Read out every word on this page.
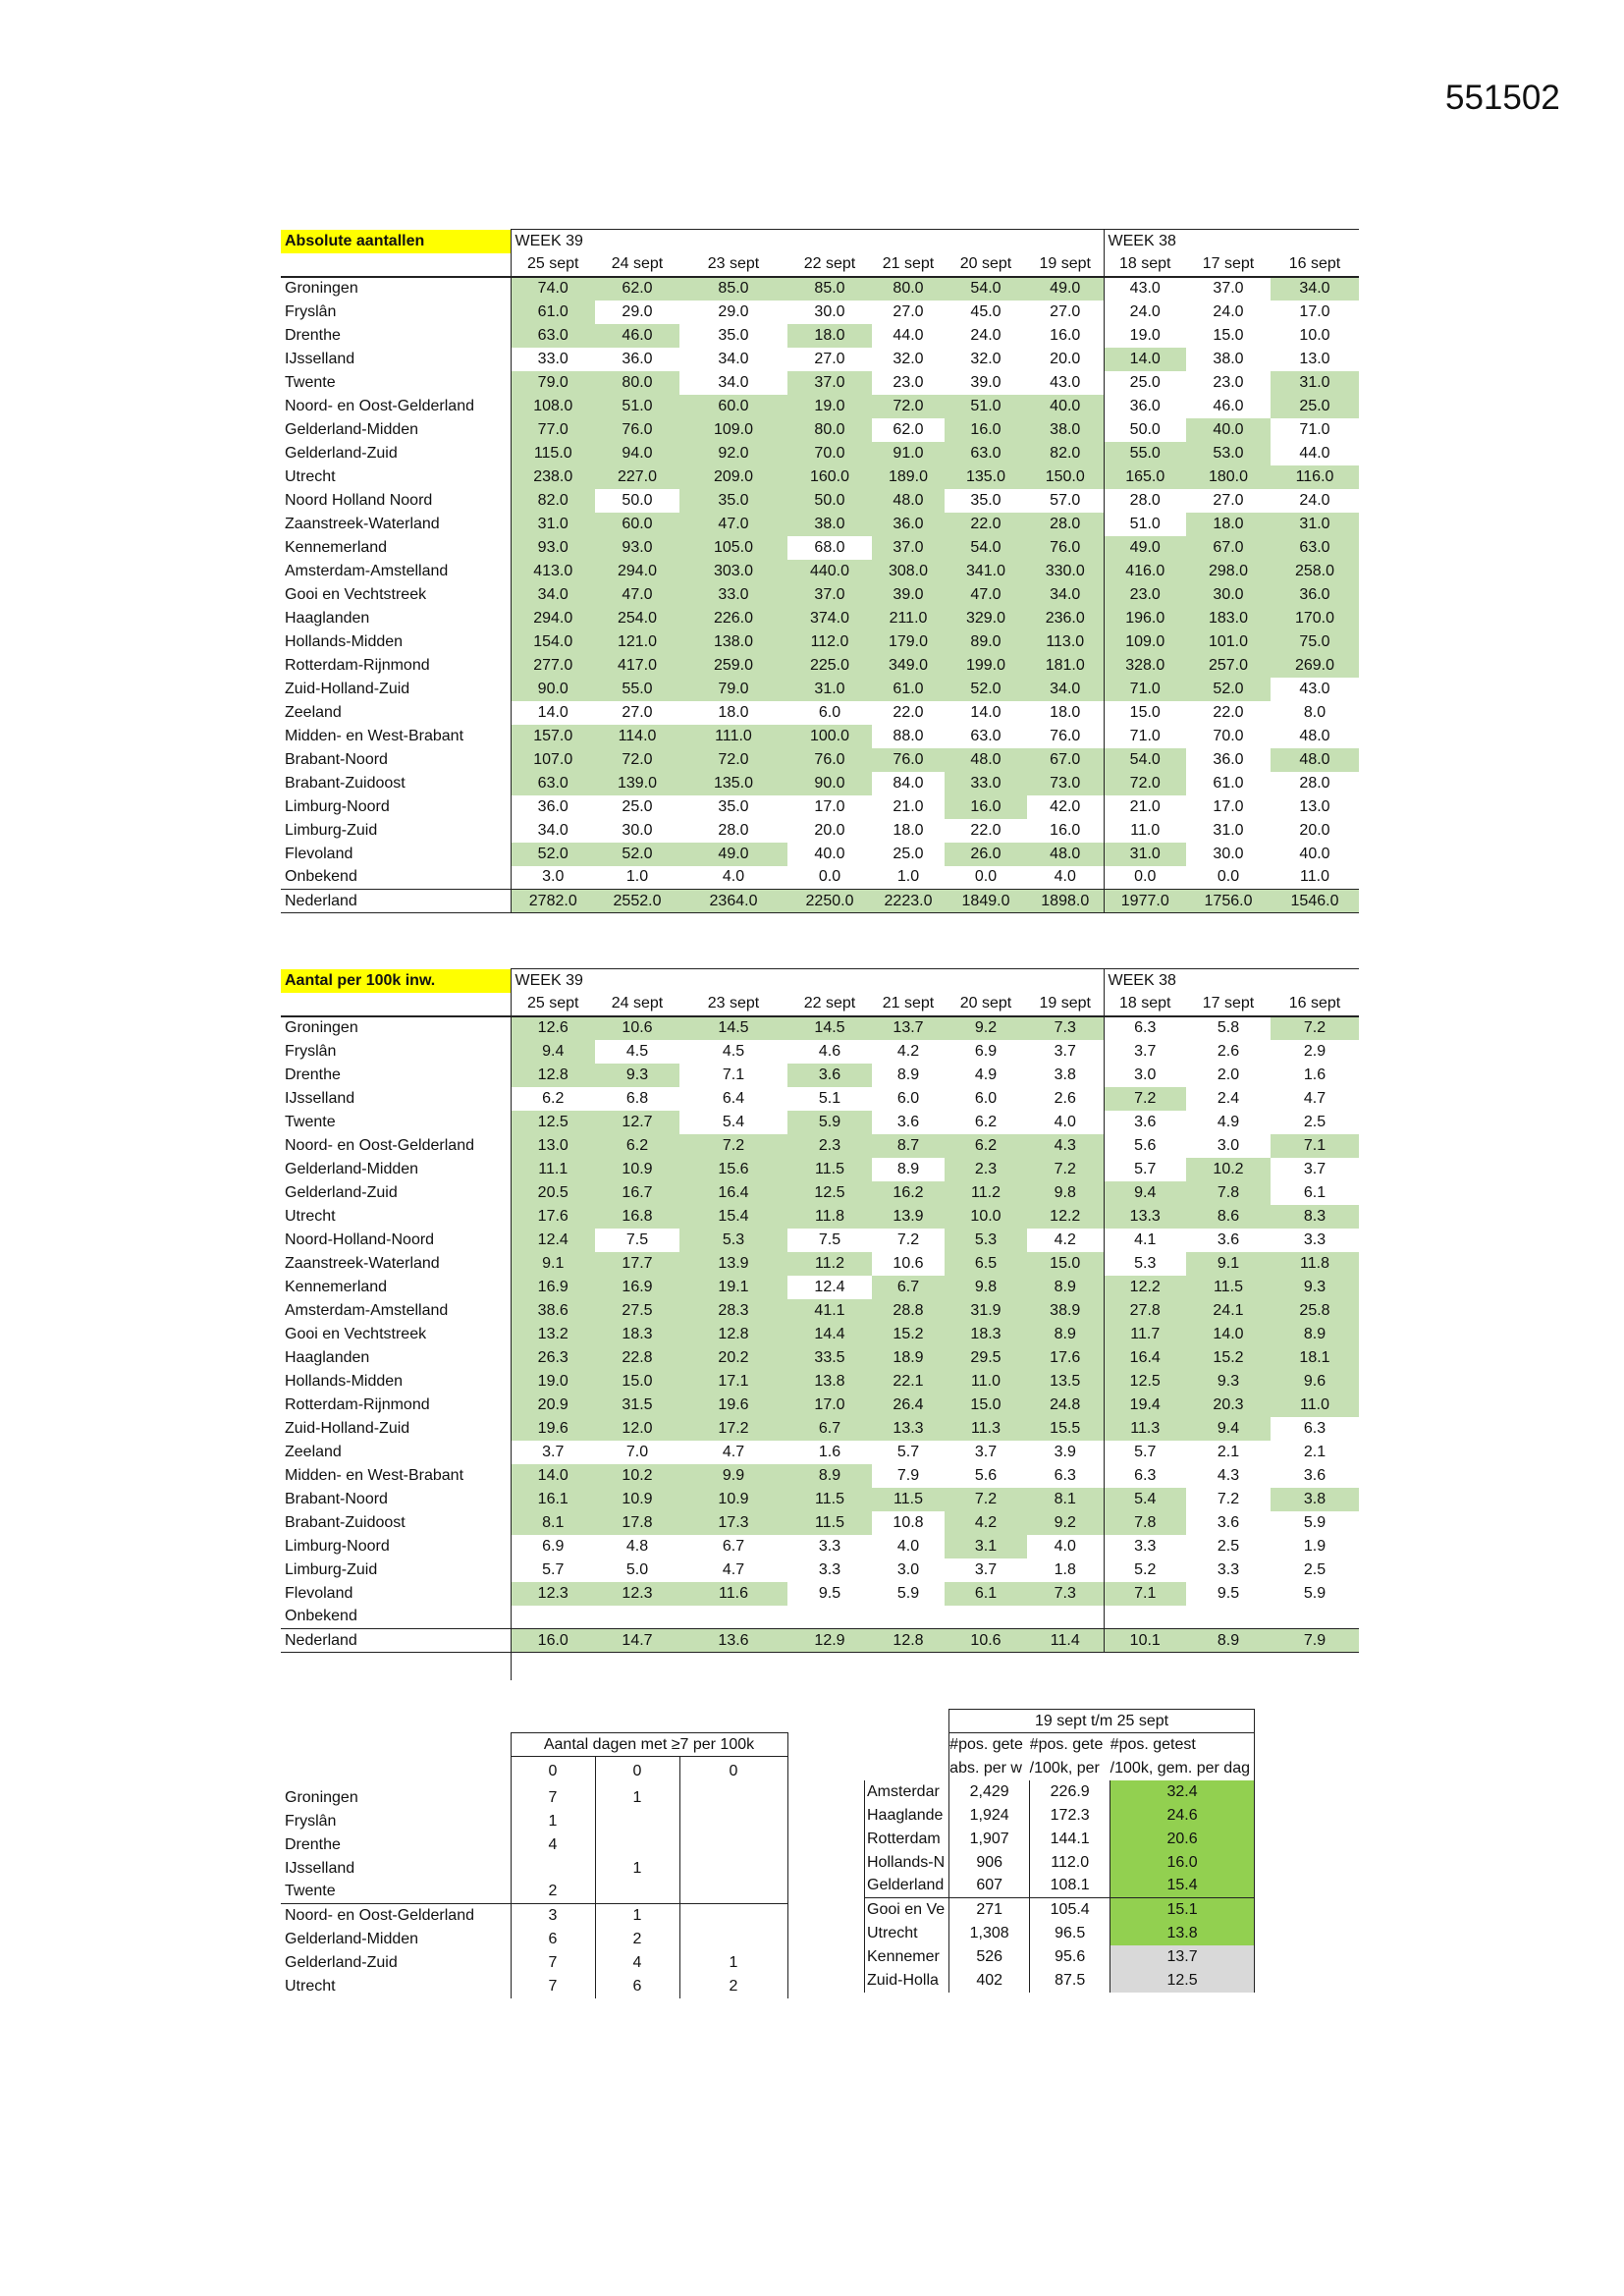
551502
Absolute aantallen	WEEK 39							WEEK 38		
	25 sept	24 sept	23 sept	22 sept	21 sept	20 sept	19 sept	18 sept	17 sept	16 sept
Groningen	74.0	62.0	85.0	85.0	80.0	54.0	49.0	43.0	37.0	34.0
Fryslân	61.0	29.0	29.0	30.0	27.0	45.0	27.0	24.0	24.0	17.0
Drenthe	63.0	46.0	35.0	18.0	44.0	24.0	16.0	19.0	15.0	10.0
IJsselland	33.0	36.0	34.0	27.0	32.0	32.0	20.0	14.0	38.0	13.0
Twente	79.0	80.0	34.0	37.0	23.0	39.0	43.0	25.0	23.0	31.0
Noord- en Oost-Gelderland	108.0	51.0	60.0	19.0	72.0	51.0	40.0	36.0	46.0	25.0
Gelderland-Midden	77.0	76.0	109.0	80.0	62.0	16.0	38.0	50.0	40.0	71.0
Gelderland-Zuid	115.0	94.0	92.0	70.0	91.0	63.0	82.0	55.0	53.0	44.0
Utrecht	238.0	227.0	209.0	160.0	189.0	135.0	150.0	165.0	180.0	116.0
Noord Holland Noord	82.0	50.0	35.0	50.0	48.0	35.0	57.0	28.0	27.0	24.0
Zaanstreek-Waterland	31.0	60.0	47.0	38.0	36.0	22.0	28.0	51.0	18.0	31.0
Kennemerland	93.0	93.0	105.0	68.0	37.0	54.0	76.0	49.0	67.0	63.0
Amsterdam-Amstelland	413.0	294.0	303.0	440.0	308.0	341.0	330.0	416.0	298.0	258.0
Gooi en Vechtstreek	34.0	47.0	33.0	37.0	39.0	47.0	34.0	23.0	30.0	36.0
Haaglanden	294.0	254.0	226.0	374.0	211.0	329.0	236.0	196.0	183.0	170.0
Hollands-Midden	154.0	121.0	138.0	112.0	179.0	89.0	113.0	109.0	101.0	75.0
Rotterdam-Rijnmond	277.0	417.0	259.0	225.0	349.0	199.0	181.0	328.0	257.0	269.0
Zuid-Holland-Zuid	90.0	55.0	79.0	31.0	61.0	52.0	34.0	71.0	52.0	43.0
Zeeland	14.0	27.0	18.0	6.0	22.0	14.0	18.0	15.0	22.0	8.0
Midden- en West-Brabant	157.0	114.0	111.0	100.0	88.0	63.0	76.0	71.0	70.0	48.0
Brabant-Noord	107.0	72.0	72.0	76.0	76.0	48.0	67.0	54.0	36.0	48.0
Brabant-Zuidoost	63.0	139.0	135.0	90.0	84.0	33.0	73.0	72.0	61.0	28.0
Limburg-Noord	36.0	25.0	35.0	17.0	21.0	16.0	42.0	21.0	17.0	13.0
Limburg-Zuid	34.0	30.0	28.0	20.0	18.0	22.0	16.0	11.0	31.0	20.0
Flevoland	52.0	52.0	49.0	40.0	25.0	26.0	48.0	31.0	30.0	40.0
Onbekend	3.0	1.0	4.0	0.0	1.0	0.0	4.0	0.0	0.0	11.0
Nederland	2782.0	2552.0	2364.0	2250.0	2223.0	1849.0	1898.0	1977.0	1756.0	1546.0
Aantal per 100k inw.	WEEK 39							WEEK 38		
	25 sept	24 sept	23 sept	22 sept	21 sept	20 sept	19 sept	18 sept	17 sept	16 sept
Groningen	12.6	10.6	14.5	14.5	13.7	9.2	7.3	6.3	5.8	7.2
Fryslân	9.4	4.5	4.5	4.6	4.2	6.9	3.7	3.7	2.6	2.9
Drenthe	12.8	9.3	7.1	3.6	8.9	4.9	3.8	3.0	2.0	1.6
IJsselland	6.2	6.8	6.4	5.1	6.0	6.0	2.6	7.2	2.4	4.7
Twente	12.5	12.7	5.4	5.9	3.6	6.2	4.0	3.6	4.9	2.5
Noord- en Oost-Gelderland	13.0	6.2	7.2	2.3	8.7	6.2	4.3	5.6	3.0	7.1
Gelderland-Midden	11.1	10.9	15.6	11.5	8.9	2.3	7.2	5.7	10.2	3.7
Gelderland-Zuid	20.5	16.7	16.4	12.5	16.2	11.2	9.8	9.4	7.8	6.1
Utrecht	17.6	16.8	15.4	11.8	13.9	10.0	12.2	13.3	8.6	8.3
Noord-Holland-Noord	12.4	7.5	5.3	7.5	7.2	5.3	4.2	4.1	3.6	3.3
Zaanstreek-Waterland	9.1	17.7	13.9	11.2	10.6	6.5	15.0	5.3	9.1	11.8
Kennemerland	16.9	16.9	19.1	12.4	6.7	9.8	8.9	12.2	11.5	9.3
Amsterdam-Amstelland	38.6	27.5	28.3	41.1	28.8	31.9	38.9	27.8	24.1	25.8
Gooi en Vechtstreek	13.2	18.3	12.8	14.4	15.2	18.3	8.9	11.7	14.0	8.9
Haaglanden	26.3	22.8	20.2	33.5	18.9	29.5	17.6	16.4	15.2	18.1
Hollands-Midden	19.0	15.0	17.1	13.8	22.1	11.0	13.5	12.5	9.3	9.6
Rotterdam-Rijnmond	20.9	31.5	19.6	17.0	26.4	15.0	24.8	19.4	20.3	11.0
Zuid-Holland-Zuid	19.6	12.0	17.2	6.7	13.3	11.3	15.5	11.3	9.4	6.3
Zeeland	3.7	7.0	4.7	1.6	5.7	3.7	3.9	5.7	2.1	2.1
Midden- en West-Brabant	14.0	10.2	9.9	8.9	7.9	5.6	6.3	6.3	4.3	3.6
Brabant-Noord	16.1	10.9	10.9	11.5	11.5	7.2	8.1	5.4	7.2	3.8
Brabant-Zuidoost	8.1	17.8	17.3	11.5	10.8	4.2	9.2	7.8	3.6	5.9
Limburg-Noord	6.9	4.8	6.7	3.3	4.0	3.1	4.0	3.3	2.5	1.9
Limburg-Zuid	5.7	5.0	4.7	3.3	3.0	3.7	1.8	5.2	3.3	2.5
Flevoland	12.3	12.3	11.6	9.5	5.9	6.1	7.3	7.1	9.5	5.9
Onbekend										
Nederland	16.0	14.7	13.6	12.9	12.8	10.6	11.4	10.1	8.9	7.9

	Aantal dagen met ≥7 per 100k		
	0	0	0
Groningen	7	1	
Fryslân	1		
Drenthe	4		
IJsselland		1	
Twente	2		
Noord- en Oost-Gelderland	3	1	
Gelderland-Midden	6	2	
Gelderland-Zuid	7	4	1
Utrecht	7	6	2
	19 sept t/m 25 sept		
	#pos. gete	#pos. gete	#pos. getest
	abs. per w	/100k, per	/100k, gem. per dag
Amsterdar	2,429	226.9	32.4
Haaglande	1,924	172.3	24.6
Rotterdam	1,907	144.1	20.6
Hollands-N	906	112.0	16.0
Gelderland	607	108.1	15.4
Gooi en Ve	271	105.4	15.1
Utrecht	1,308	96.5	13.8
Kennemer	526	95.6	13.7
Zuid-Holla	402	87.5	12.5
